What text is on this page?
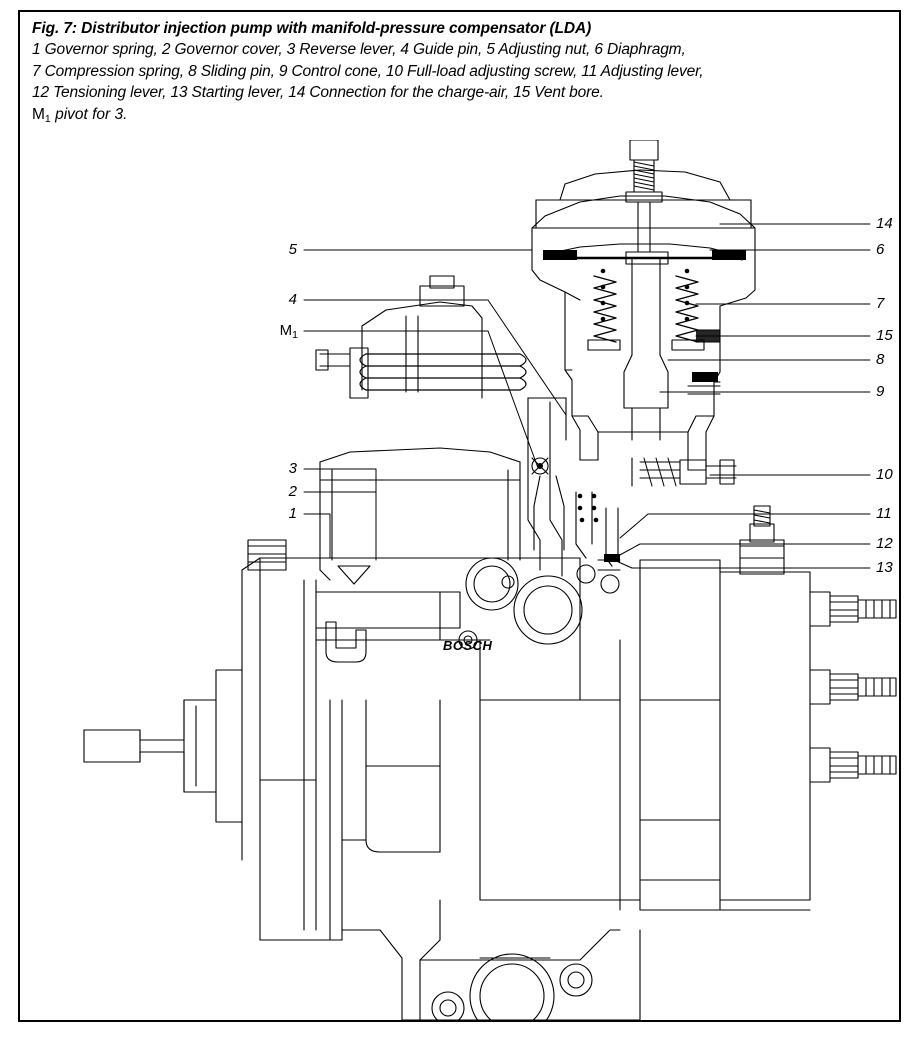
Fig. 7: Distributor injection pump with manifold-pressure compensator (LDA)
1 Governor spring, 2 Governor cover, 3 Reverse lever, 4 Guide pin, 5 Adjusting nut, 6 Diaphragm,
7 Compression spring, 8 Sliding pin, 9 Control cone, 10 Full-load adjusting screw, 11 Adjusting lever,
12 Tensioning lever, 13 Starting lever, 14 Connection for the charge-air, 15 Vent bore.
$M_1$ pivot for 3.
5
4
$M_1$
3
2
1
14
6
7
15
8
9
10
11
12
13
BOSCH
